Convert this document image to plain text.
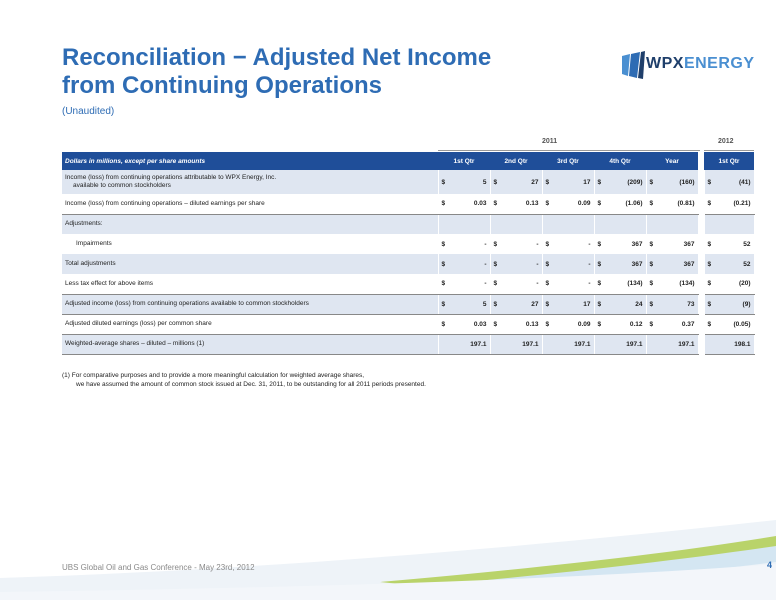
Reconciliation − Adjusted Net Income
from Continuing Operations
(Unaudited)
WPXENERGY
2011	2012
Dollars in millions, except per share amounts	1st Qtr	2nd Qtr	3rd Qtr	4th Qtr	Year		1st Qtr
Income (loss) from continuing operations attributable to WPX Energy, Inc.
available to common stockholders	$ 5	$ 27	$ 17	$ (209)	$ (160)		$ (41)

Income (loss) from continuing operations – diluted earnings per share	$ 0.03	$ 0.13	$ 0.09	$ (1.06)	$ (0.81)		$ (0.21)

Adjustments:							
Impairments	$ -	$ -	$ -	$ 367	$ 367		$ 52

Total adjustments	$ -	$ -	$ -	$ 367	$ 367		$ 52

Less tax effect for above items	$ -	$ -	$ -	$ (134)	$ (134)		$ (20)

Adjusted income (loss) from continuing operations available to common stockholders	$ 5	$ 27	$ 17	$ 24	$ 73		$ (9)

Adjusted diluted earnings (loss) per common share	$ 0.03	$ 0.13	$ 0.09	$ 0.12	$ 0.37		$ (0.05)

Weighted-average shares – diluted – millions (1)	197.1	197.1	197.1	197.1	197.1		198.1
(1) For comparative purposes and to provide a more meaningful calculation for weighted average shares,
we have assumed the amount of common stock issued at Dec. 31, 2011, to be outstanding for all 2011 periods presented.
UBS Global Oil and Gas Conference - May 23rd, 2012	4
